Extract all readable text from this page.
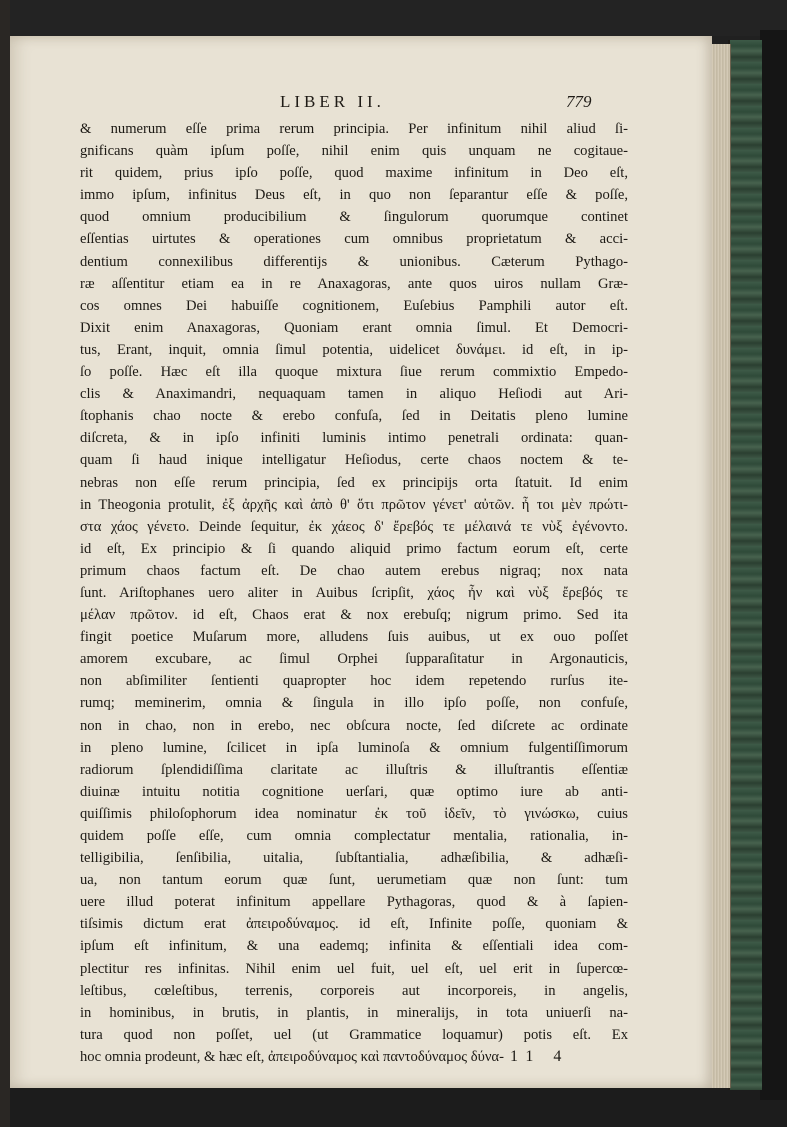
LIBER II.	779
& numerum eſſe prima rerum principia. Per infinitum nihil aliud ſi-
gnificans quàm ipſum poſſe, nihil enim quis unquam ne cogitaue-
rit quidem, prius ipſo poſſe, quod maxime infinitum in Deo eſt,
immo ipſum, infinitus Deus eſt, in quo non ſeparantur eſſe & poſſe,
quod omnium producibilium & ſingulorum quorumque continet
eſſentias uirtutes & operationes cum omnibus proprietatum & acci-
dentium connexilibus differentijs & unionibus. Cæterum Pythago-
ræ aſſentitur etiam ea in re Anaxagoras, ante quos uiros nullam Græ-
cos omnes Dei habuiſſe cognitionem, Euſebius Pamphili autor eſt.
Dixit enim Anaxagoras, Quoniam erant omnia ſimul. Et Democri-
tus, Erant, inquit, omnia ſimul potentia, uidelicet δυνάμει. id eſt, in ip-
ſo poſſe. Hæc eſt illa quoque mixtura ſiue rerum commixtio Empedo-
clis & Anaximandri, nequaquam tamen in aliquo Heſiodi aut Ari-
ſtophanis chao nocte & erebo confuſa, ſed in Deitatis pleno lumine
diſcreta, & in ipſo infiniti luminis intimo penetrali ordinata: quan-
quam ſi haud inique intelligatur Heſiodus, certe chaos noctem & te-
nebras non eſſe rerum principia, ſed ex principijs orta ſtatuit. Id enim
in Theogonia protulit, ἐξ ἀρχῆς καὶ ἀπὸ θ' ὅτι πρῶτον γένετ' αὐτῶν. ἦ τοι μὲν πρώτι-
στα χάος γένετο. Deinde ſequitur, ἐκ χάεος δ' ἔρεβός τε μέλαινά τε νὺξ ἐγένοντο.
id eſt, Ex principio & ſi quando aliquid primo factum eorum eſt, certe
primum chaos factum eſt. De chao autem erebus nigraq; nox nata
ſunt. Ariſtophanes uero aliter in Auibus ſcripſit, χάος ἦν καὶ νὺξ ἔρεβός τε
μέλαν πρῶτον. id eſt, Chaos erat & nox erebuſq; nigrum primo. Sed ita
fingit poetice Muſarum more, alludens ſuis auibus, ut ex ouo poſſet
amorem excubare, ac ſimul Orphei ſupparaſitatur in Argonauticis,
non abſimiliter ſentienti quapropter hoc idem repetendo rurſus ite-
rumq; meminerim, omnia & ſingula in illo ipſo poſſe, non confuſe,
non in chao, non in erebo, nec obſcura nocte, ſed diſcrete ac ordinate
in pleno lumine, ſcilicet in ipſa luminoſa & omnium fulgentiſſimorum
radiorum ſplendidiſſima claritate ac illuſtris & illuſtrantis eſſentiæ
diuinæ intuitu notitia cognitione uerſari, quæ optimo iure ab anti-
quiſſimis philoſophorum idea nominatur ἐκ τοῦ ἰδεῖν, τὸ γινώσκω, cuius
quidem poſſe eſſe, cum omnia complectatur mentalia, rationalia, in-
telligibilia, ſenſibilia, uitalia, ſubſtantialia, adhæſibilia, & adhæſi-
ua, non tantum eorum quæ ſunt, uerumetiam quæ non ſunt: tum
uere illud poterat infinitum appellare Pythagoras, quod & à ſapien-
tiſsimis dictum erat ἀπειροδύναμος. id eſt, Infinite poſſe, quoniam &
ipſum eſt infinitum, & una eademq; infinita & eſſentiali idea com-
plectitur res infinitas. Nihil enim uel fuit, uel eſt, uel erit in ſupercœ-
leſtibus, cœleſtibus, terrenis, corporeis aut incorporeis, in angelis,
in hominibus, in brutis, in plantis, in mineralijs, in tota uniuerſi na-
tura quod non poſſet, uel (ut Grammatice loquamur) potis eſt. Ex
hoc omnia prodeunt, & hæc eſt, ἀπειροδύναμος καὶ παντοδύναμος δύνα- 11 4
